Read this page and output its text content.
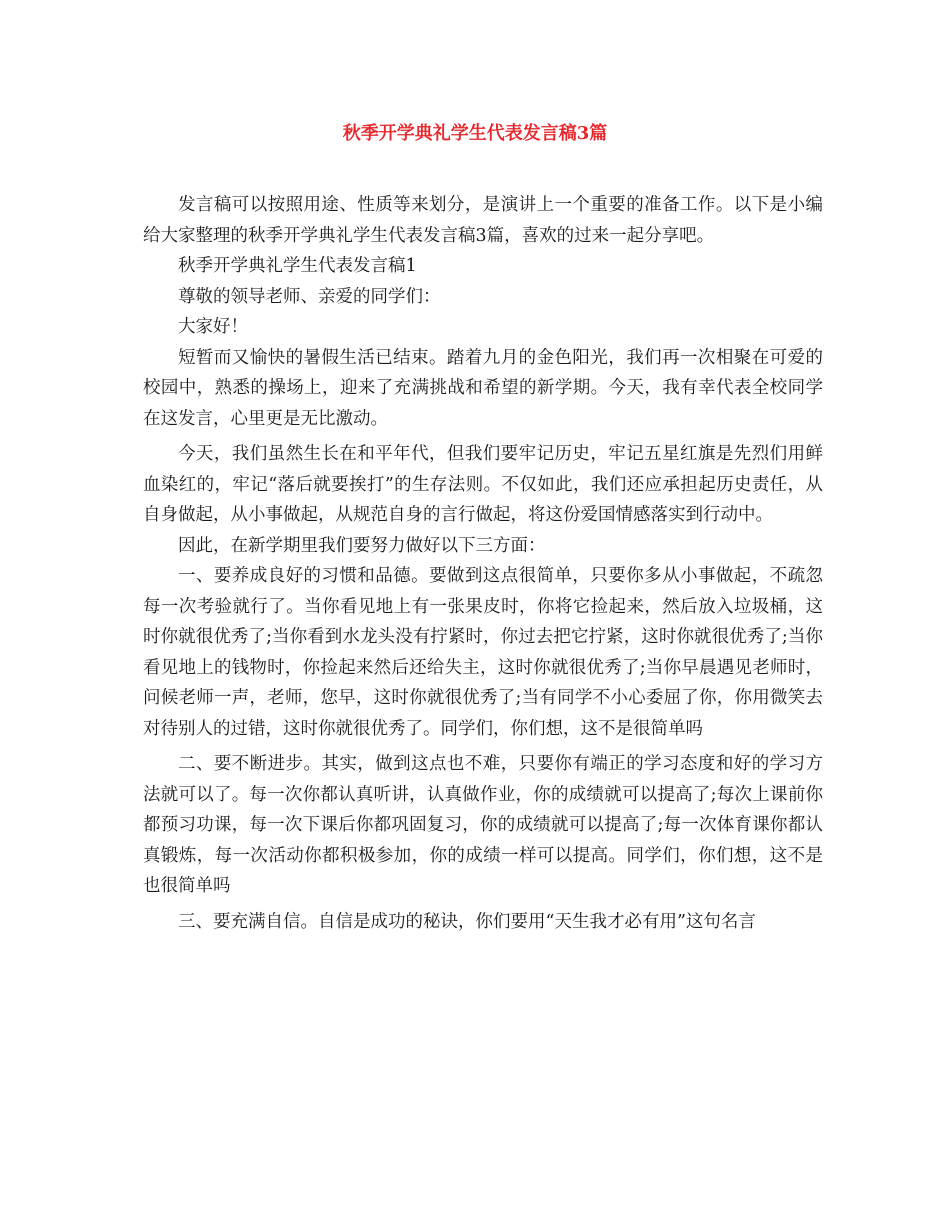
秋季开学典礼学生代表发言稿3篇

发言稿可以按照用途、性质等来划分，是演讲上一个重要的准备工作。以下是小编给大家整理的秋季开学典礼学生代表发言稿3篇，喜欢的过来一起分享吧。

秋季开学典礼学生代表发言稿1

尊敬的领导老师、亲爱的同学们：

大家好！

短暂而又愉快的暑假生活已结束。踏着九月的金色阳光，我们再一次相聚在可爱的校园中，熟悉的操场上，迎来了充满挑战和希望的新学期。今天，我有幸代表全校同学在这发言，心里更是无比激动。

今天，我们虽然生长在和平年代，但我们要牢记历史，牢记五星红旗是先烈们用鲜血染红的，牢记“落后就要挨打”的生存法则。不仅如此，我们还应承担起历史责任，从自身做起，从小事做起，从规范自身的言行做起，将这份爱国情感落实到行动中。

因此，在新学期里我们要努力做好以下三方面：

一、要养成良好的习惯和品德。要做到这点很简单，只要你多从小事做起，不疏忽每一次考验就行了。当你看见地上有一张果皮时，你将它捡起来，然后放入垃圾桶，这时你就很优秀了;当你看到水龙头没有拧紧时，你过去把它拧紧，这时你就很优秀了;当你看见地上的钱物时，你捡起来然后还给失主，这时你就很优秀了;当你早晨遇见老师时，问候老师一声，老师，您早，这时你就很优秀了;当有同学不小心委屈了你，你用微笑去对待别人的过错，这时你就很优秀了。同学们，你们想，这不是很简单吗

二、要不断进步。其实，做到这点也不难，只要你有端正的学习态度和好的学习方法就可以了。每一次你都认真听讲，认真做作业，你的成绩就可以提高了;每次上课前你都预习功课，每一次下课后你都巩固复习，你的成绩就可以提高了;每一次体育课你都认真锻炼，每一次活动你都积极参加，你的成绩一样可以提高。同学们，你们想，这不是也很简单吗

三、要充满自信。自信是成功的秘诀，你们要用“天生我才必有用”这句名言
